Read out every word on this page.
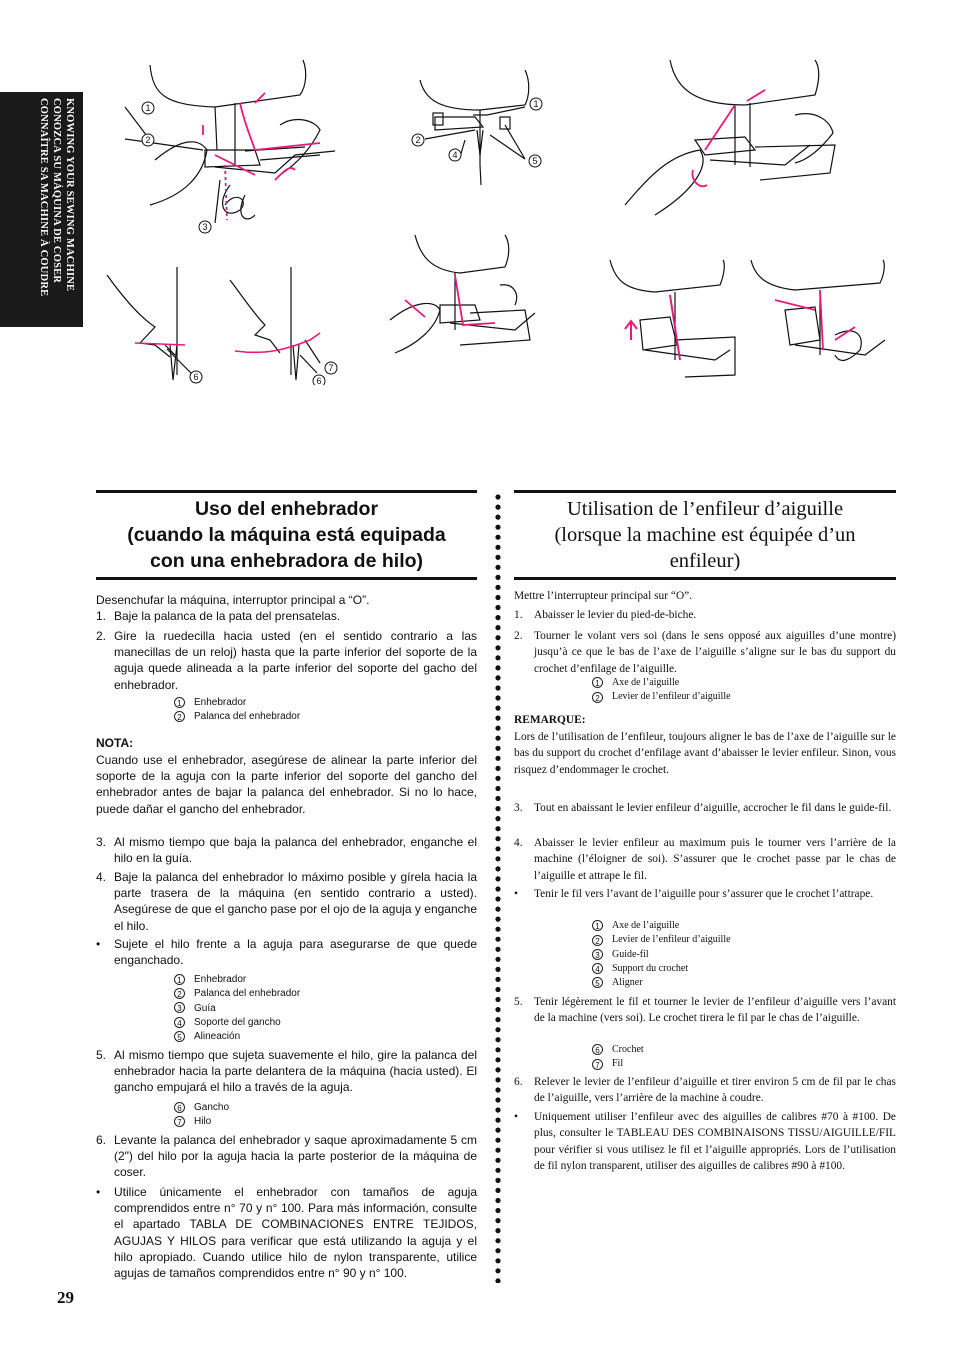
KNOWING YOUR SEWING MACHINE
CONOZCA SU MÁQUINA DE COSER
CONNAÎTRE SA MACHINE À COUDRE	1
2
3
1
2
4
5
6
7
6
Uso del enhebrador
(cuando la máquina está equipada
con una enhebradora de hilo)
Utilisation de l’enfileur d’aiguille
(lorsque la machine est équipée d’un
enfileur)

Desenchufar la máquina, interruptor principal a “O”.

1. Baje la palanca de la pata del prensatelas.

2. Gire la ruedecilla hacia usted (en el sentido contrario a las manecillas de un reloj) hasta que la parte inferior del soporte de la aguja quede alineada a la parte inferior del soporte del gacho del enhebrador.

1 Enhebrador
2 Palanca del enhebrador
NOTA:

Cuando use el enhebrador, asegúrese de alinear la parte inferior del soporte de la aguja con la parte inferior del soporte del gancho del enhebrador antes de bajar la palanca del enhebrador. Si no lo hace, puede dañar el gancho del enhebrador.

3. Al mismo tiempo que baja la palanca del enhebrador, enganche el hilo en la guía.

4. Baje la palanca del enhebrador lo máximo posible y gírela hacia la parte trasera de la máquina (en sentido contrario a usted). Asegúrese de que el gancho pase por el ojo de la aguja y enganche el hilo.

• Sujete el hilo frente a la aguja para asegurarse de que quede enganchado.

1 Enhebrador
2 Palanca del enhebrador
3 Guía
4 Soporte del gancho
5 Alineación
5. Al mismo tiempo que sujeta suavemente el hilo, gire la palanca del enhebrador hacia la parte delantera de la máquina (hacia usted). El gancho empujará el hilo a través de la aguja.

6 Gancho
7 Hilo
6. Levante la palanca del enhebrador y saque aproximadamente 5 cm (2") del hilo por la aguja hacia la parte posterior de la máquina de coser.

• Utilice únicamente el enhebrador con tamaños de aguja comprendidos entre n° 70 y n° 100. Para más información, consulte el apartado TABLA DE COMBINACIONES ENTRE TEJIDOS, AGUJAS Y HILOS para verificar que está utilizando la aguja y el hilo apropiado. Cuando utilice hilo de nylon transparente, utilice agujas de tamaños comprendidos entre n° 90 y n° 100.

Mettre l’interrupteur principal sur “O”.

1. Abaisser le levier du pied-de-biche.

2. Tourner le volant vers soi (dans le sens opposé aux aiguilles d’une montre) jusqu’à ce que le bas de l’axe de l’aiguille s’aligne sur le bas du support du crochet d’enfilage de l’aiguille.

1 Axe de l’aiguille
2 Levier de l’enfileur d’aiguille
REMARQUE:

Lors de l’utilisation de l’enfileur, toujours aligner le bas de l’axe de l’aiguille sur le bas du support du crochet d’enfilage avant d’abaisser le levier enfileur. Sinon, vous risquez d’endommager le crochet.

3. Tout en abaissant le levier enfileur d’aiguille, accrocher le fil dans le guide-fil.

4. Abaisser le levier enfileur au maximum puis le tourner vers l’arrière de la machine (l’éloigner de soi). S’assurer que le crochet passe par le chas de l’aiguille et attrape le fil.

• Tenir le fil vers l’avant de l’aiguille pour s’assurer que le crochet l’attrape.

1 Axe de l’aiguille
2 Levier de l’enfileur d’aiguille
3 Guide-fil
4 Support du crochet
5 Aligner
5. Tenir légèrement le fil et tourner le levier de l’enfileur d’aiguille vers l’avant de la machine (vers soi). Le crochet tirera le fil par le chas de l’aiguille.

6 Crochet
7 Fil
6. Relever le levier de l’enfileur d’aiguille et tirer environ 5 cm de fil par le chas de l’aiguille, vers l’arrière de la machine à coudre.

• Uniquement utiliser l’enfileur avec des aiguilles de calibres #70 à #100. De plus, consulter le TABLEAU DES COMBINAISONS TISSU/AIGUILLE/FIL pour vérifier si vous utilisez le fil et l’aiguille appropriés. Lors de l’utilisation de fil nylon transparent, utiliser des aiguilles de calibres #90 à #100.

29
